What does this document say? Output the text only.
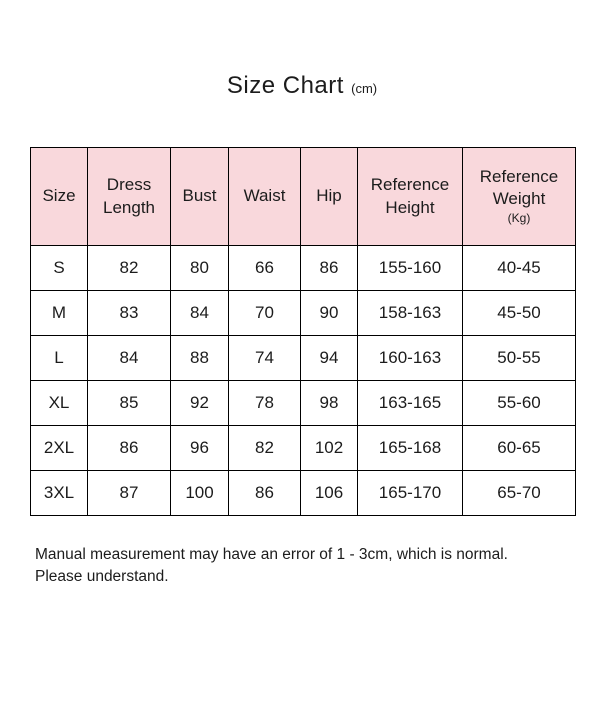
Size Chart (cm)
Size	Dress Length	Bust	Waist	Hip	Reference Height	Reference Weight
(Kg)

S	82	80	66	86	155-160	40-45
M	83	84	70	90	158-163	45-50
L	84	88	74	94	160-163	50-55
XL	85	92	78	98	163-165	55-60
2XL	86	96	82	102	165-168	60-65
3XL	87	100	86	106	165-170	65-70
Manual measurement may have an error of 1 - 3cm, which is normal.
Please understand.
